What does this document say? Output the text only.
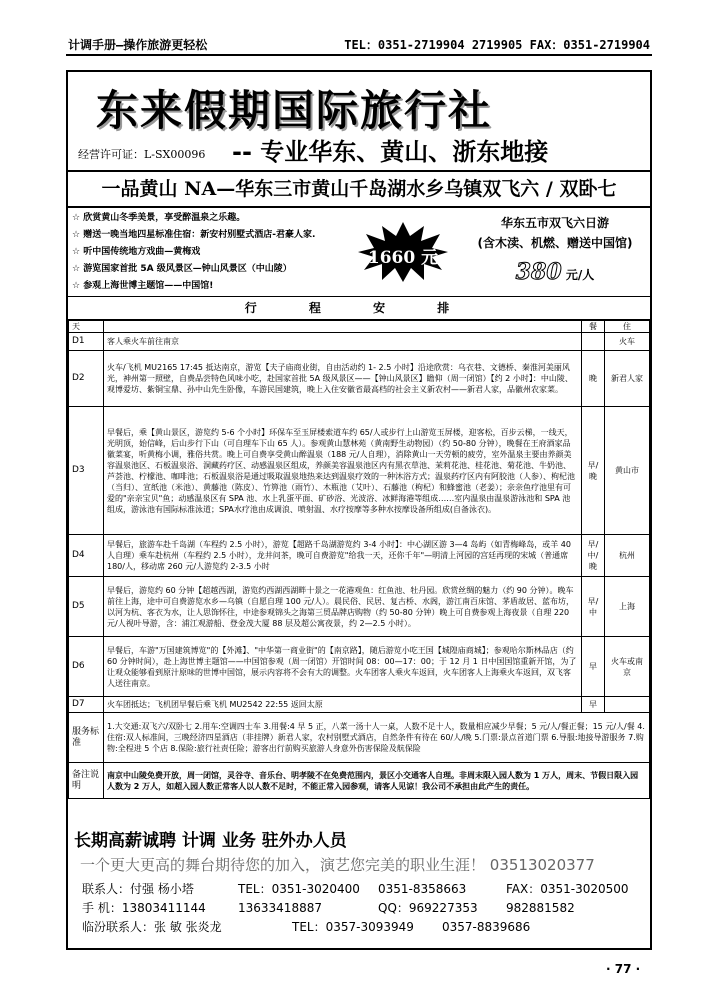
计调手册—操作旅游更轻松	TEL：0351-2719904 2719905 FAX：0351-2719904
东来假期国际旅行社
经营许可证：L-SX00096 -- 专业华东、黄山、浙东地接
一品黄山 NA—华东三市黄山千岛湖水乡乌镇双飞六 / 双卧七
☆ 欣赏黄山冬季美景，享受醉温泉之乐趣。
☆ 赠送一晚当地四星标准住宿：新安村别墅式酒店-君豪人家.
☆ 听中国传统地方戏曲—黄梅戏
☆ 游览国家首批 5A 级风景区—钟山风景区（中山陵）
☆ 参观上海世博主题馆——中国馆!
1660 元
华东五市双飞六日游
(含木渎、机燃、赠送中国馆)
380 元/人
行 程 安 排
天		餐	住
D1	客人乘火车前往南京		火车
D2	火车/飞机 MU2165 17:45 抵达南京，游览【夫子庙商业街，自由活动约 1- 2.5 小时】沿途欣赏：乌衣巷、文德桥、秦淮河美丽风光，神州第一照壁，自费品尝特色风味小吃，赴国家首批 5A 级风景区——【钟山风景区】瞻仰（周一闭馆）【约 2 小时】：中山陵、观博爱坊、紫铜宝鼎、孙中山先生卧像，车游民国建筑，晚上入住安徽省最高档的社会主义新农村——新君人家，品徽州农家菜。	晚	新君人家
D3	早餐后，乘【黄山景区，游览约 5-6 个小时】环保车至玉屏楼索道车约 65/人或步行上山游览玉屏楼，迎客松，百步云梯，一线天，光明顶，始信峰，后山步行下山（可自理车下山 65 人）。参观黄山慧林苑（黄南野生动物园）（约 50-80 分钟），晚餐在王府酒家品徽菜宴，听黄梅小调，雅俗共赏。晚上可自费享受黄山醉温泉（188 元/人自理），消除黄山一天劳顿的疲劳，室外温泉主要由养颜美容温泉池区、石板温泉浴、洞藏药疗区、动感温泉区组成，养颜美容温泉池区内有黑衣草池、茉莉花池、桂花池、菊花池、牛奶池、芦荟池、柠檬池、咖啡池；石板温泉浴是通过吸取温泉地热来达到温泉疗效的一种沐浴方式；温泉药疗区内有阿胶池（人参）、枸杞池（当归）、宣纸池（米池）、黄藤池（陈皮）、竹箅池（雨竹）、木瓶池（艾叶）、石藤池（枸杞）和蜂蜜池（老姜）；亲亲鱼疗池里有可爱的"亲亲宝贝"鱼；动感温泉区有 SPA 池、水上乳蛋平面、矿砂浴、光波浴、冰鲜海港等组成……室内温泉由温泉游泳池和 SPA 池组成，游泳池有国际标准泳道；SPA水疗池由成调浪、喷射温、水疗按摩等多种水按摩设备所组成(自备泳衣)。	早/晚	黄山市
D4	早餐后，旅游车赴千岛湖（车程约 2.5 小时），游览【超路千岛湖游览约 3-4 小时】：中心湖区游 3—4 岛屿（如青梅峰岛，或羊 40 人自理）乘车赴杭州（车程约 2.5 小时），龙井问茶，晚可自费游览"给我一天，还你千年"—明清上河园的宫廷再现的宋城（普通席 180/人，移动席 260 元/人游览约 2-3.5 小时	早/中/晚	杭州
D5	早餐后，游览约 60 分钟【超越西湖，游览约西湖西湖畔十景之一花港观鱼：红鱼池、牡丹园。欣赏丝绸的魅力（约 90 分钟）。晚车前往上海，途中可自费游览水乡—乌镇（自愿自理 100 元/人）。晨民俗、民居、复古桥、水阁，游江南百床馆、茅盾故居、蓝布坊，以河为杭、客衣为水，让人思饰怀往，中途参观锦头之海第三贸品牌店购物（约 50-80 分钟）晚上可自费参观上海夜景（自理 220 元/人视叶导游，含：浦江观游船、登金茂大厦 88 层及超公寓夜景，约 2—2.5 小时）。	早/中	上海
D6	早餐后，车游"万国建筑博览"的【外滩】、"中华第一商业街"的【南京路】，随后游览小吃王国【城隍庙商城】；参观哈尔斯林品店（约 60 分钟时间），赴上海世博主题馆——中国馆参观（周一闭馆）开馆时间 08：00—17：00；于 12 月 1 日中国国馆重新开馆，为了让观众能够看到原汁原味的世博中国馆，展示内容将不会有大的调整。火车团客人乘火车返回，火车团客人上海乘火车返回，双飞客人送往南京。	早	火车或南京
D7	火车团抵达；飞机团早餐后乘飞机 MU2542 22:55 返回太原	早	
服务标准	1.大交通:双飞六/双卧七 2.用车:空调四士车 3.用餐:4 早 5 正，八菜一汤十人一桌，人数不足十人，数量相应减少早餐；5 元/人/餐正餐；15 元/人/餐 4.住宿:双人标准间，三晚经济四星酒店（非挂牌）新君人家，农村别墅式酒店，自然条件有待在 60/人/晚 5.门票:景点首道门票 6.导服:地接导游服务 7.购物:全程进 5 个店 8.保险:旅行社责任险；游客出行前购买旅游人身意外伤害保险及航保险		
备注说明	南京中山陵免费开放，周一闭馆，灵谷寺、音乐台、明孝陵不在免费范围内，景区小交通客人自理。非周末限入园人数为 1 万人，周末、节假日限入园人数为 2 万人，如超入园人数正常客人以人数不足时，不能正常入园参观，请客人见谅！我公司不承担由此产生的责任。		
长期高薪诚聘 计调 业务 驻外办人员
一个更大更高的舞台期待您的加入，演艺您完美的职业生涯！ 03513020377
联系人：付强 杨小塔	TEL：0351-3020400 0351-8358663	FAX：0351-3020500
手 机：13803411144	13633418887	QQ：969227353 982881582
临汾联系人：张 敏 张炎龙	TEL：0357-3093949 0357-8839686
· 77 ·
